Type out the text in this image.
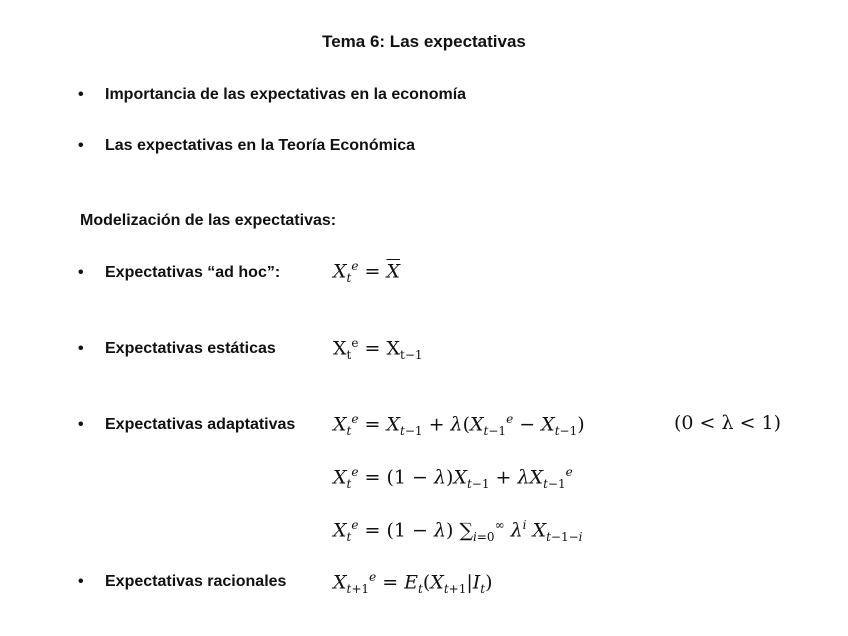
Tema 6: Las expectativas
• Importancia de las expectativas en la economía
• Las expectativas en la Teoría Económica
Modelización de las expectativas:
• Expectativas “ad hoc”:	$X_t^e = \overline{X}$
• Expectativas estáticas	$X_t^e = X_{t-1}$
• Expectativas adaptativas $X_t^e = X_{t-1} + \lambda(X_{t-1}^e - X_{t-1})$	(0 < λ < 1)
$X_t^e = (1 - \lambda)X_{t-1} + \lambda X_{t-1}^e$
$X_t^e = (1 - \lambda)$ $\sum_{i=0}^\infty$ $\lambda^i$ $X_{t-1-i}$
• Expectativas racionales $X_{t+1}^e = E_t(X_{t+1}|I_t)$
